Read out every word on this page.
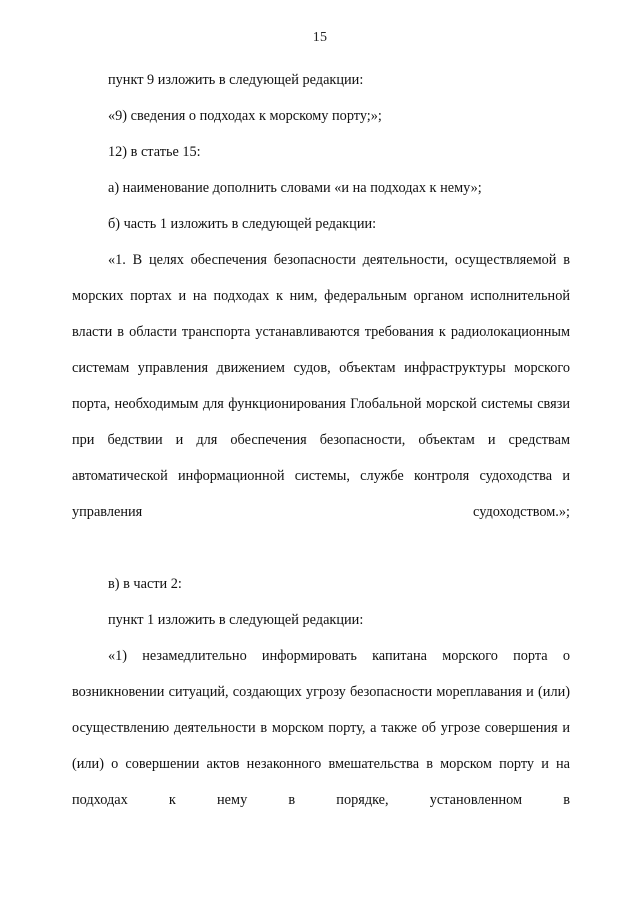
15

пункт 9 изложить в следующей редакции:

«9) сведения о подходах к морскому порту;»;

12) в статье 15:

а) наименование дополнить словами «и на подходах к нему»;

б) часть 1 изложить в следующей редакции:

«1. В целях обеспечения безопасности деятельности, осуществляемой в морских портах и на подходах к ним, федеральным органом исполнительной власти в области транспорта устанавливаются требования к радиолокационным системам управления движением судов, объектам инфраструктуры морского порта, необходимым для функционирования Глобальной морской системы связи при бедствии и для обеспечения безопасности, объектам и средствам автоматической информационной системы, службе контроля судоходства и управления судоходством.»;

в) в части 2:

пункт 1 изложить в следующей редакции:

«1) незамедлительно информировать капитана морского порта о возникновении ситуаций, создающих угрозу безопасности мореплавания и (или) осуществлению деятельности в морском порту, а также об угрозе совершения и (или) о совершении актов незаконного вмешательства в морском порту и на подходах к нему в порядке, установленном в
